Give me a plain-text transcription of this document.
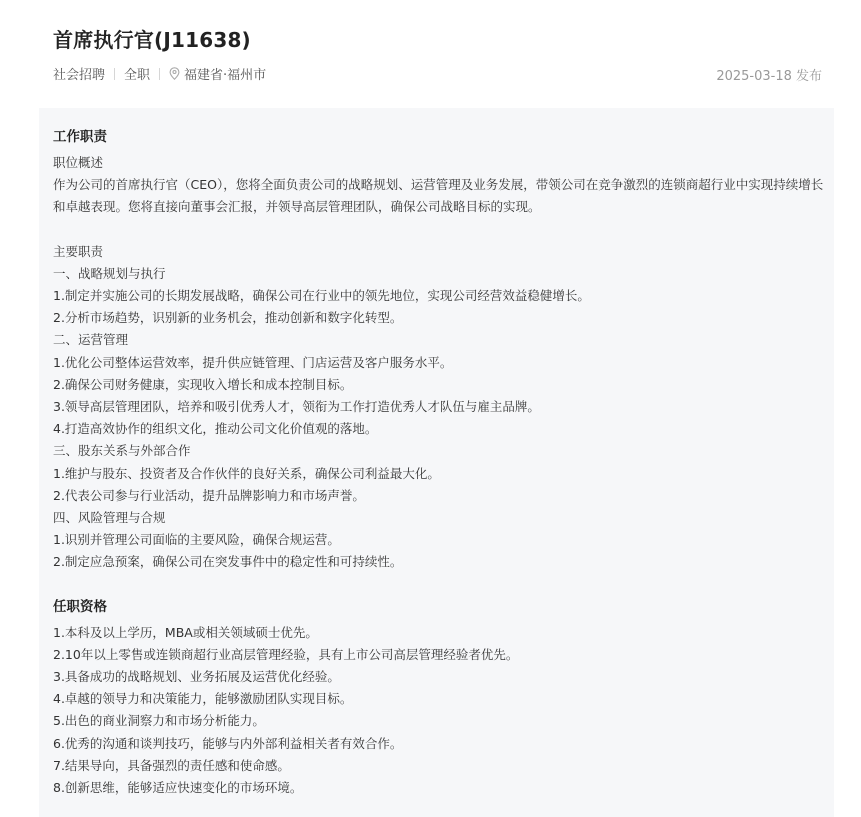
首席执行官(J11638)
社会招聘 全职	福建省·福州市	2025-03-18 发布
工作职责
职位概述
作为公司的首席执行官（CEO），您将全面负责公司的战略规划、运营管理及业务发展，带领公司在竞争激烈的连锁商超行业中实现持续增长和卓越表现。您将直接向董事会汇报，并领导高层管理团队，确保公司战略目标的实现。
主要职责
一、战略规划与执行
1.制定并实施公司的长期发展战略，确保公司在行业中的领先地位，实现公司经营效益稳健增长。
2.分析市场趋势，识别新的业务机会，推动创新和数字化转型。
二、运营管理
1.优化公司整体运营效率，提升供应链管理、门店运营及客户服务水平。
2.确保公司财务健康，实现收入增长和成本控制目标。
3.领导高层管理团队，培养和吸引优秀人才，领衔为工作打造优秀人才队伍与雇主品牌。
4.打造高效协作的组织文化，推动公司文化价值观的落地。
三、股东关系与外部合作
1.维护与股东、投资者及合作伙伴的良好关系，确保公司利益最大化。
2.代表公司参与行业活动，提升品牌影响力和市场声誉。
四、风险管理与合规
1.识别并管理公司面临的主要风险，确保合规运营。
2.制定应急预案，确保公司在突发事件中的稳定性和可持续性。
任职资格
1.本科及以上学历，MBA或相关领域硕士优先。
2.10年以上零售或连锁商超行业高层管理经验，具有上市公司高层管理经验者优先。
3.具备成功的战略规划、业务拓展及运营优化经验。
4.卓越的领导力和决策能力，能够激励团队实现目标。
5.出色的商业洞察力和市场分析能力。
6.优秀的沟通和谈判技巧，能够与内外部利益相关者有效合作。
7.结果导向，具备强烈的责任感和使命感。
8.创新思维，能够适应快速变化的市场环境。
